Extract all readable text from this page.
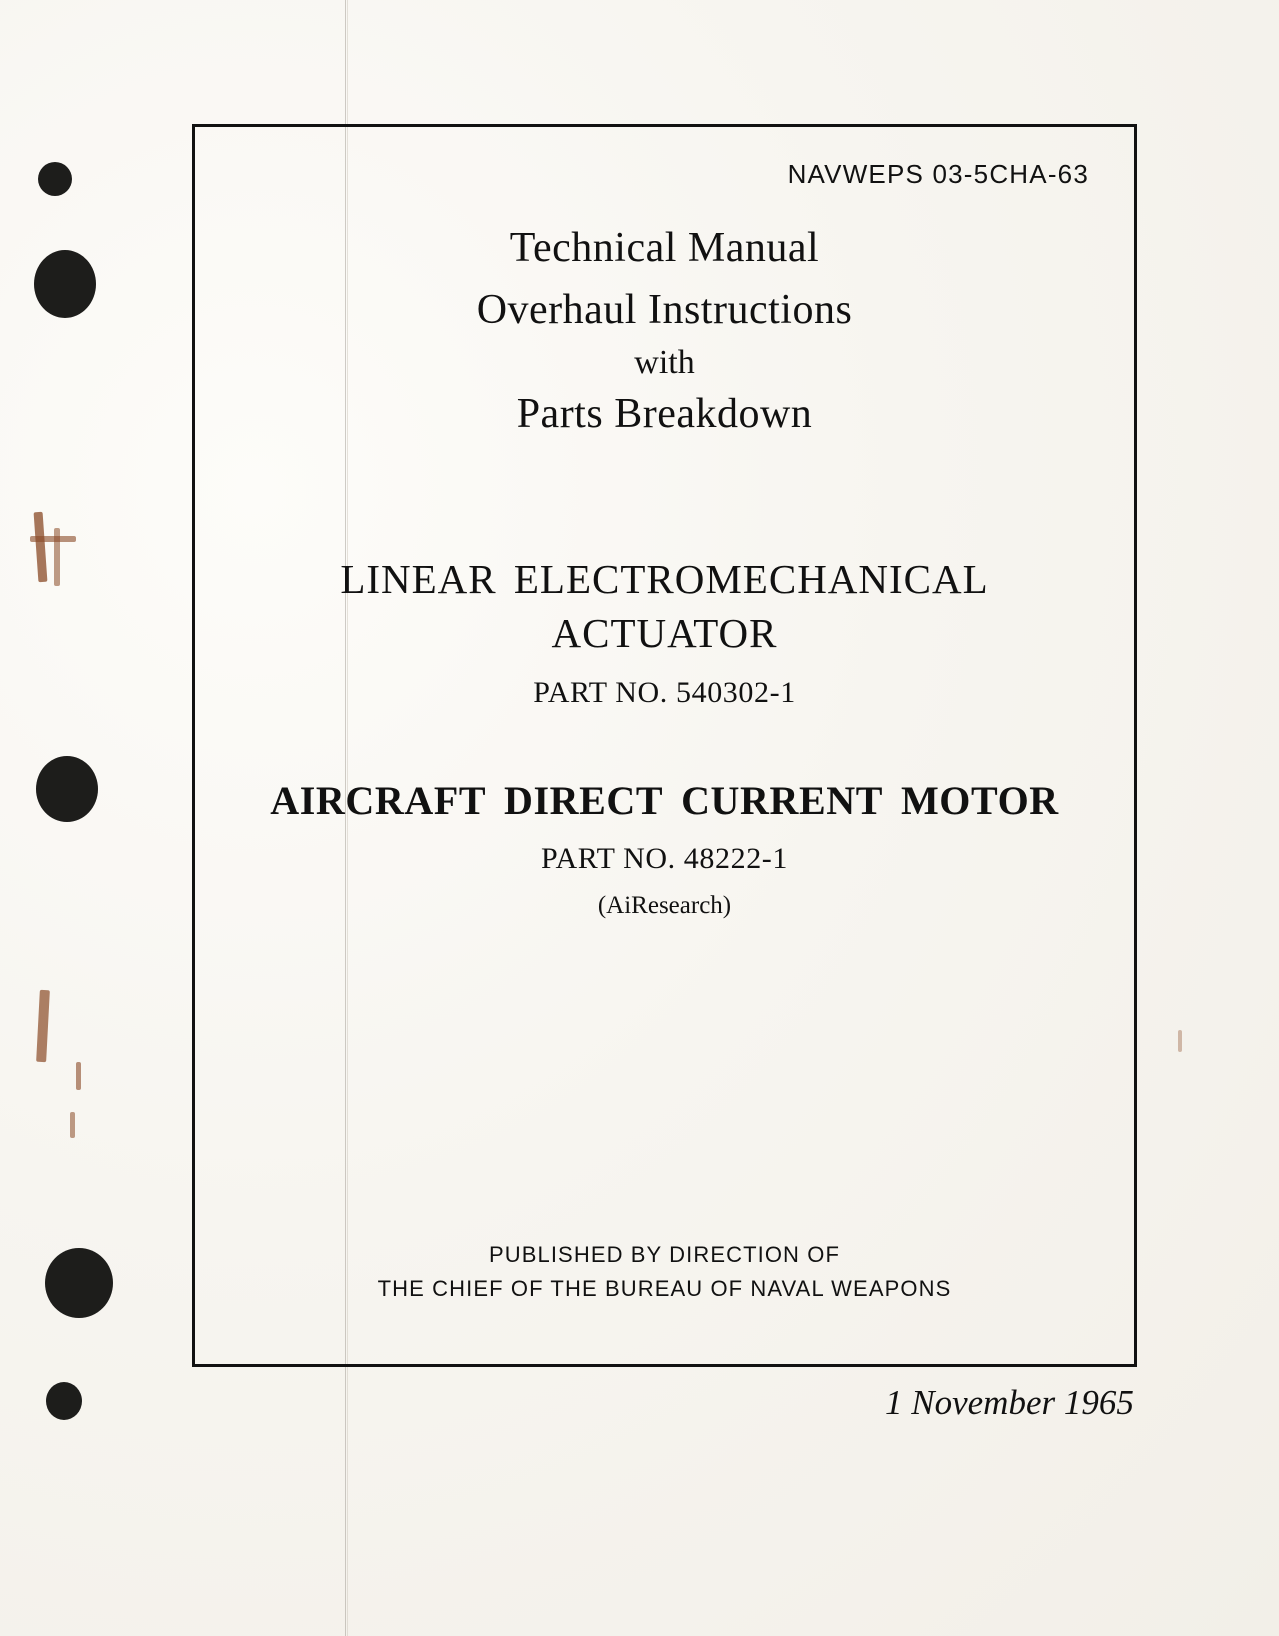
NAVWEPS 03-5CHA-63
Technical Manual
Overhaul Instructions
with
Parts Breakdown
LINEAR ELECTROMECHANICAL
ACTUATOR
PART NO. 540302-1
AIRCRAFT DIRECT CURRENT MOTOR
PART NO. 48222-1
(AiResearch)
PUBLISHED BY DIRECTION OF
THE CHIEF OF THE BUREAU OF NAVAL WEAPONS
1 November 1965
